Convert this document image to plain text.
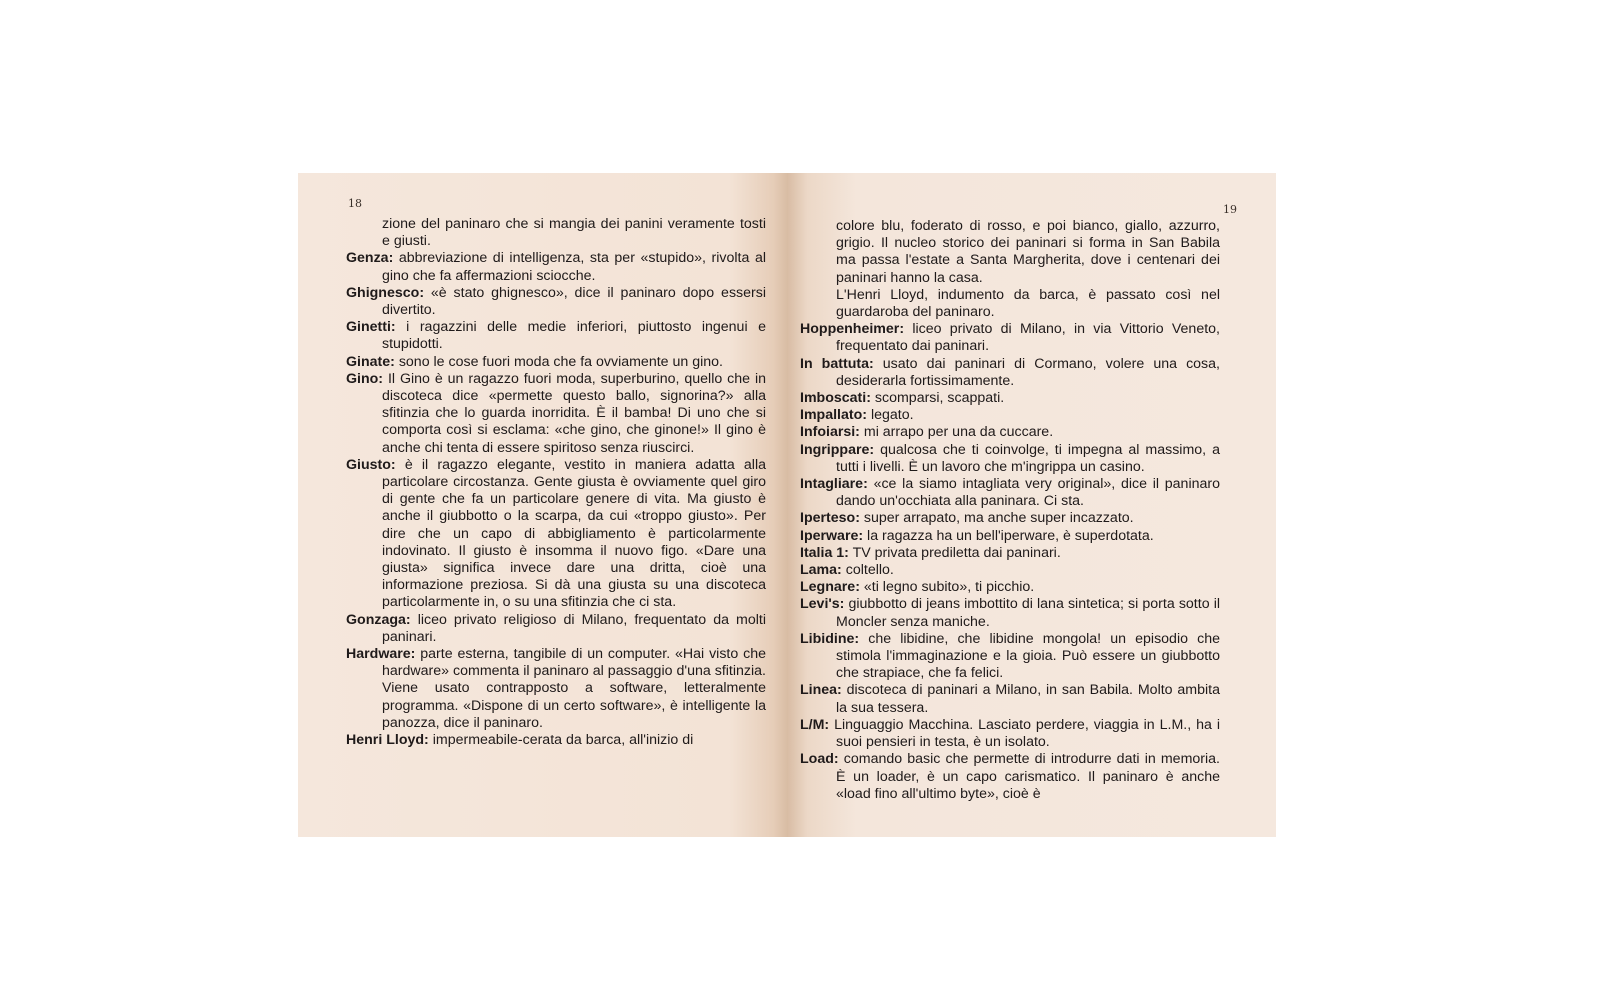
18
zione del paninaro che si mangia dei panini veramente tosti e giusti.
Genza: abbreviazione di intelligenza, sta per «stupido», rivolta al gino che fa affermazioni sciocche.
Ghignesco: «è stato ghignesco», dice il paninaro dopo essersi divertito.
Ginetti: i ragazzini delle medie inferiori, piuttosto ingenui e stupidotti.
Ginate: sono le cose fuori moda che fa ovviamente un gino.
Gino: Il Gino è un ragazzo fuori moda, superburino, quello che in discoteca dice «permette questo ballo, signorina?» alla sfitinzia che lo guarda inorridita. È il bamba! Di uno che si comporta così si esclama: «che gino, che ginone!» Il gino è anche chi tenta di essere spiritoso senza riuscirci.
Giusto: è il ragazzo elegante, vestito in maniera adatta alla particolare circostanza. Gente giusta è ovviamente quel giro di gente che fa un particolare genere di vita. Ma giusto è anche il giubbotto o la scarpa, da cui «troppo giusto». Per dire che un capo di abbigliamento è particolarmente indovinato. Il giusto è insomma il nuovo figo. «Dare una giusta» significa invece dare una dritta, cioè una informazione preziosa. Si dà una giusta su una discoteca particolarmente in, o su una sfitinzia che ci sta.
Gonzaga: liceo privato religioso di Milano, frequentato da molti paninari.
Hardware: parte esterna, tangibile di un computer. «Hai visto che hardware» commenta il paninaro al passaggio d'una sfitinzia. Viene usato contrapposto a software, letteralmente programma. «Dispone di un certo software», è intelligente la panozza, dice il paninaro.
Henri Lloyd: impermeabile-cerata da barca, all'inizio di
19
colore blu, foderato di rosso, e poi bianco, giallo, azzurro, grigio. Il nucleo storico dei paninari si forma in San Babila ma passa l'estate a Santa Margherita, dove i centenari dei paninari hanno la casa.
L'Henri Lloyd, indumento da barca, è passato così nel guardaroba del paninaro.
Hoppenheimer: liceo privato di Milano, in via Vittorio Veneto, frequentato dai paninari.
In battuta: usato dai paninari di Cormano, volere una cosa, desiderarla fortissimamente.
Imboscati: scomparsi, scappati.
Impallato: legato.
Infoiarsi: mi arrapo per una da cuccare.
Ingrippare: qualcosa che ti coinvolge, ti impegna al massimo, a tutti i livelli. È un lavoro che m'ingrippa un casino.
Intagliare: «ce la siamo intagliata very original», dice il paninaro dando un'occhiata alla paninara. Ci sta.
Iperteso: super arrapato, ma anche super incazzato.
Iperware: la ragazza ha un bell'iperware, è superdotata.
Italia 1: TV privata prediletta dai paninari.
Lama: coltello.
Legnare: «ti legno subito», ti picchio.
Levi's: giubbotto di jeans imbottito di lana sintetica; si porta sotto il Moncler senza maniche.
Libidine: che libidine, che libidine mongola! un episodio che stimola l'immaginazione e la gioia. Può essere un giubbotto che strapiace, che fa felici.
Linea: discoteca di paninari a Milano, in san Babila. Molto ambita la sua tessera.
L/M: Linguaggio Macchina. Lasciato perdere, viaggia in L.M., ha i suoi pensieri in testa, è un isolato.
Load: comando basic che permette di introdurre dati in memoria. È un loader, è un capo carismatico. Il paninaro è anche «load fino all'ultimo byte», cioè è
